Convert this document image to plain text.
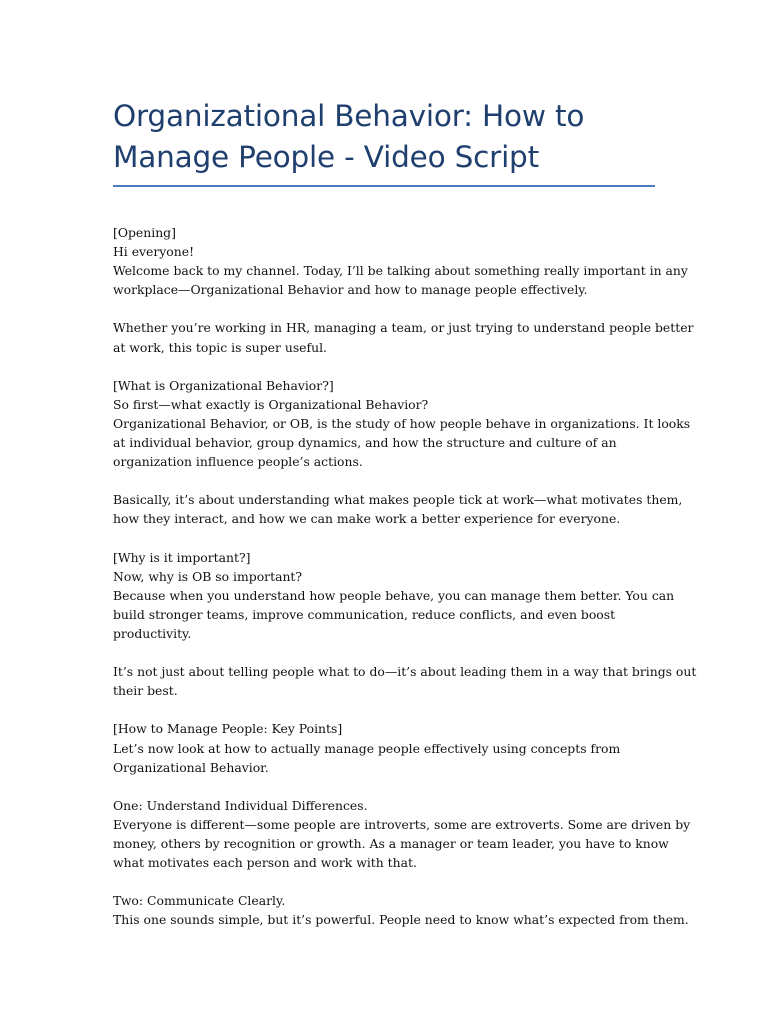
Organizational Behavior: How to
Manage People - Video Script

[Opening]
Hi everyone!
Welcome back to my channel. Today, I’ll be talking about something really important in any
workplace—Organizational Behavior and how to manage people effectively.

Whether you’re working in HR, managing a team, or just trying to understand people better
at work, this topic is super useful.

[What is Organizational Behavior?]
So first—what exactly is Organizational Behavior?
Organizational Behavior, or OB, is the study of how people behave in organizations. It looks
at individual behavior, group dynamics, and how the structure and culture of an
organization influence people’s actions.

Basically, it’s about understanding what makes people tick at work—what motivates them,
how they interact, and how we can make work a better experience for everyone.

[Why is it important?]
Now, why is OB so important?
Because when you understand how people behave, you can manage them better. You can
build stronger teams, improve communication, reduce conflicts, and even boost
productivity.

It’s not just about telling people what to do—it’s about leading them in a way that brings out
their best.

[How to Manage People: Key Points]
Let’s now look at how to actually manage people effectively using concepts from
Organizational Behavior.

One: Understand Individual Differences.
Everyone is different—some people are introverts, some are extroverts. Some are driven by
money, others by recognition or growth. As a manager or team leader, you have to know
what motivates each person and work with that.

Two: Communicate Clearly.
This one sounds simple, but it’s powerful. People need to know what’s expected from them.
